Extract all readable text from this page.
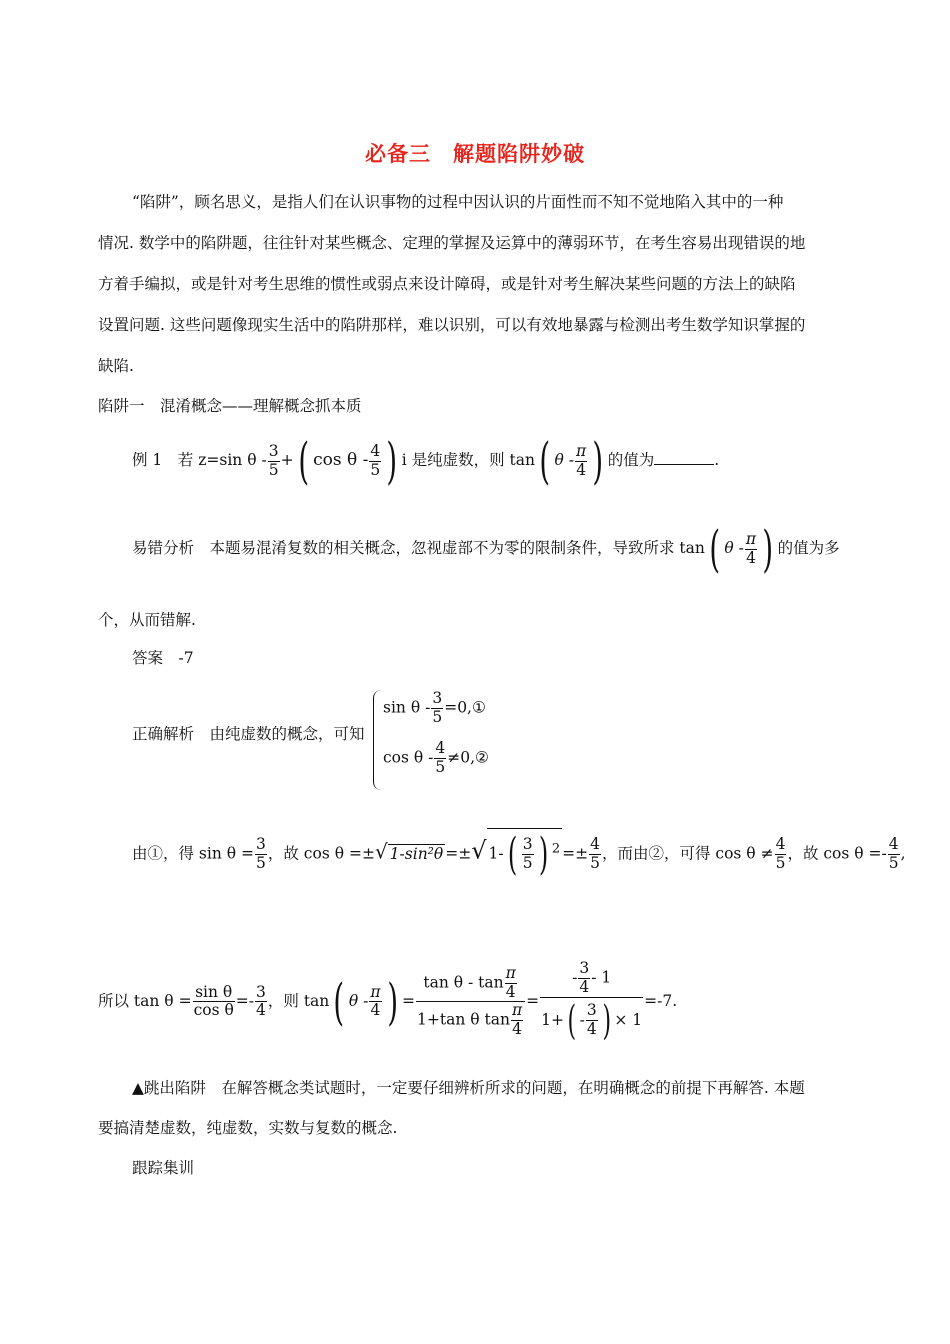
必备三　解题陷阱妙破
“陷阱”，顾名思义，是指人们在认识事物的过程中因认识的片面性而不知不觉地陷入其中的一种
情况. 数学中的陷阱题，往往针对某些概念、定理的掌握及运算中的薄弱环节，在考生容易出现错误的地
方着手编拟，或是针对考生思维的惯性或弱点来设计障碍，或是针对考生解决某些问题的方法上的缺陷
设置问题. 这些问题像现实生活中的陷阱那样，难以识别，可以有效地暴露与检测出考生数学知识掌握的
缺陷.
陷阱一　混淆概念——理解概念抓本质
例 1　若 z=sin θ - $\frac{3}{5}$ +( cos θ - $\frac{4}{5}$ ) i 是纯虚数，则 tan( θ - $\frac{\pi}{4}$ ) 的值为	.
易错分析　本题易混淆复数的相关概念，忽视虚部不为零的限制条件，导致所求 tan( θ - $\frac{\pi}{4}$ ) 的值为多
个，从而错解.
答案　-7
正确解析　由纯虚数的概念，可知
sin θ - $\frac{3}{5}$ =0,①
cos θ - $\frac{4}{5}$ ≠0,②
由①，得 $\sin \theta = \frac{3}{5}$ ，故 cos θ =±√ 1-sin²θ =±√ $1-( \frac{3}{5}$ ) $^2 =\pm \frac{4}{5}$ ，而由②，可得 $\cos \theta \ne \frac{4}{5}$ ，故 $\cos \theta =- \frac{4}{5}$ ,
所以 $\tan \theta = \frac{\text{sin θ}}{\text{cos θ}} =- \frac{3}{4}$ ，则 tan( θ - $\frac{\pi}{4}$ ) = $\frac{\tan \theta - \tan \frac{\pi}{4}}{1+\tan \theta \tan \frac{\pi}{4}} = \frac{- \frac{3}{4} - 1}{1+( - \frac{3}{4} ) \times 1} =-7$.
▲跳出陷阱　在解答概念类试题时，一定要仔细辨析所求的问题，在明确概念的前提下再解答. 本题
要搞清楚虚数，纯虚数，实数与复数的概念.
跟踪集训
